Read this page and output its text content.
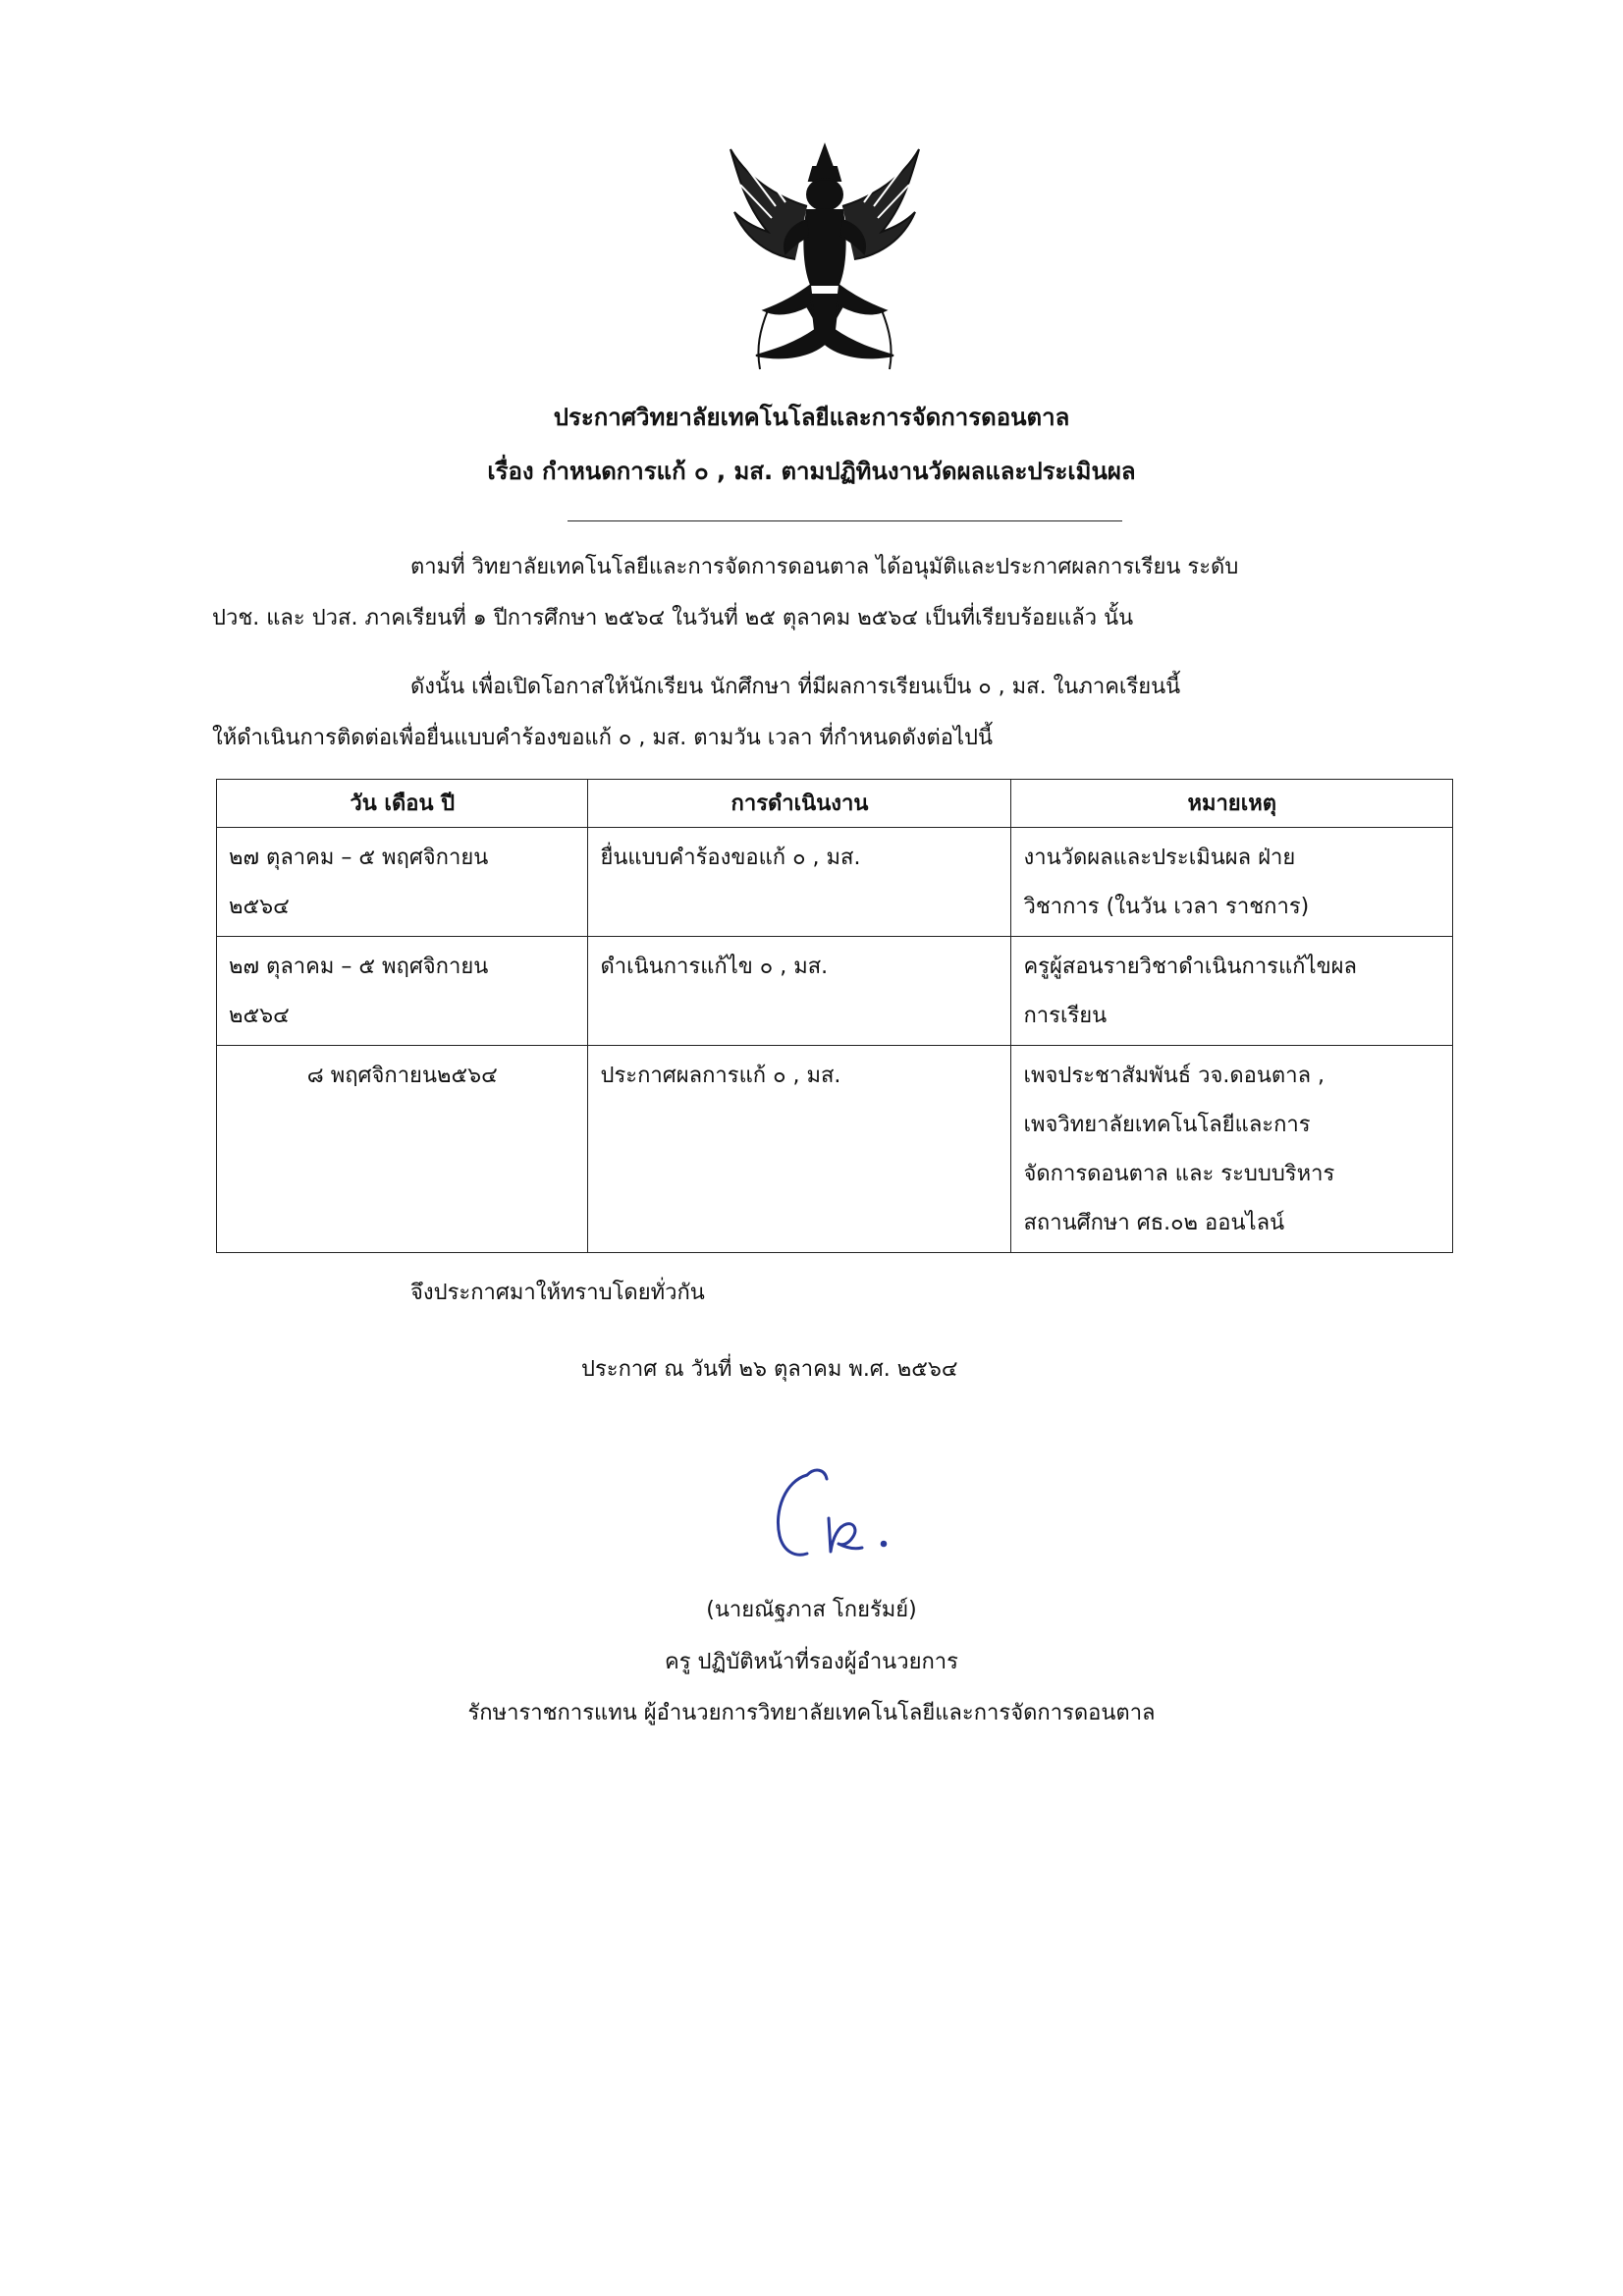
ประกาศวิทยาลัยเทคโนโลยีและการจัดการดอนตาล
เรื่อง กำหนดการแก้ ๐ , มส. ตามปฏิทินงานวัดผลและประเมินผล
ตามที่ วิทยาลัยเทคโนโลยีและการจัดการดอนตาล ได้อนุมัติและประกาศผลการเรียน ระดับ
ปวช. และ ปวส. ภาคเรียนที่ ๑ ปีการศึกษา ๒๕๖๔ ในวันที่ ๒๕ ตุลาคม ๒๕๖๔ เป็นที่เรียบร้อยแล้ว นั้น
ดังนั้น เพื่อเปิดโอกาสให้นักเรียน นักศึกษา ที่มีผลการเรียนเป็น ๐ , มส. ในภาคเรียนนี้
ให้ดำเนินการติดต่อเพื่อยื่นแบบคำร้องขอแก้ ๐ , มส. ตามวัน เวลา ที่กำหนดดังต่อไปนี้
วัน เดือน ปี	การดำเนินงาน	หมายเหตุ

๒๗ ตุลาคม – ๕ พฤศจิกายน
๒๕๖๔	ยื่นแบบคำร้องขอแก้ ๐ , มส.	งานวัดผลและประเมินผล ฝ่าย
วิชาการ (ในวัน เวลา ราชการ)

๒๗ ตุลาคม – ๕ พฤศจิกายน
๒๕๖๔	ดำเนินการแก้ไข ๐ , มส.	ครูผู้สอนรายวิชาดำเนินการแก้ไขผล
การเรียน

๘ พฤศจิกายน๒๕๖๔	ประกาศผลการแก้ ๐ , มส.	เพจประชาสัมพันธ์ วจ.ดอนตาล ,
เพจวิทยาลัยเทคโนโลยีและการ
จัดการดอนตาล และ ระบบบริหาร
สถานศึกษา ศธ.๐๒ ออนไลน์
จึงประกาศมาให้ทราบโดยทั่วกัน
ประกาศ ณ วันที่ ๒๖ ตุลาคม พ.ศ. ๒๕๖๔
(นายณัฐภาส โกยรัมย์)
ครู ปฏิบัติหน้าที่รองผู้อำนวยการ
รักษาราชการแทน ผู้อำนวยการวิทยาลัยเทคโนโลยีและการจัดการดอนตาล
